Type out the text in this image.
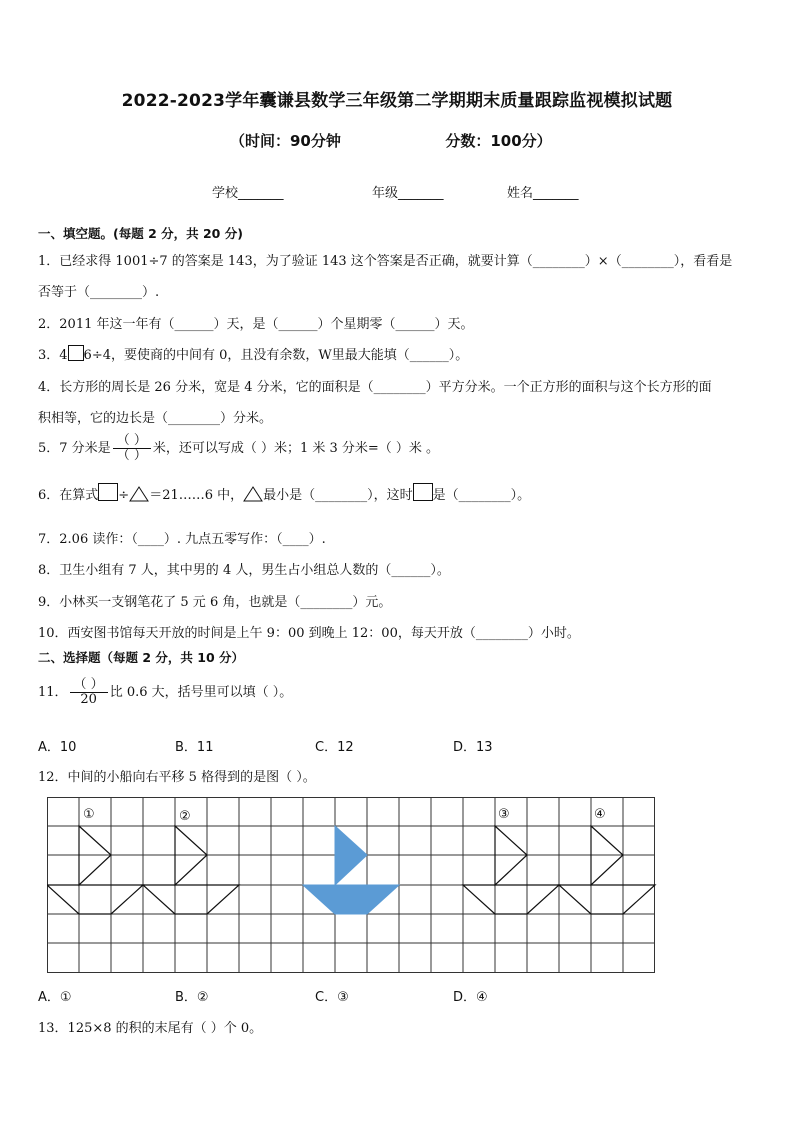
2022-2023学年囊谦县数学三年级第二学期期末质量跟踪监视模拟试题
（时间：90分钟	分数：100分）
学校_______	年级_______	姓名_______
一、填空题。(每题 2 分，共 20 分)
1．已经求得 1001÷7 的答案是 143，为了验证 143 这个答案是否正确，就要计算（________）×（________），看看是
否等于（________）.
2．2011 年这一年有（______）天，是（______）个星期零（______）天。
3．4 6÷4，要使商的中间有 0，且没有余数，W里最大能填（______）。
4．长方形的周长是 26 分米，宽是 4 分米，它的面积是（________）平方分米。一个正方形的面积与这个长方形的面
积相等，它的边长是（________）分米。
5．7 分米是 $\frac{( )}{( )}$ 米，还可以写成（ ）米；1 米 3 分米=（ ）米 。
6．在算式 ÷ ＝21……6 中， 最小是（________），这时 是（________）。
7．2.06 读作：（____）. 九点五零写作：（____）.
8．卫生小组有 7 人，其中男的 4 人，男生占小组总人数的（______）。
9．小林买一支钢笔花了 5 元 6 角，也就是（________）元。
10．西安图书馆每天开放的时间是上午 9：00 到晚上 12：00，每天开放（________）小时。
二、选择题（每题 2 分，共 10 分）
11． $\frac{( )}{20}$ 比 0.6 大，括号里可以填（ ）。
A．10	B．11	C．12	D．13
12．中间的小船向右平移 5 格得到的是图（ ）。
①	②	③	④
A．①	B．②	C．③	D．④
13．125×8 的积的末尾有（ ）个 0。
